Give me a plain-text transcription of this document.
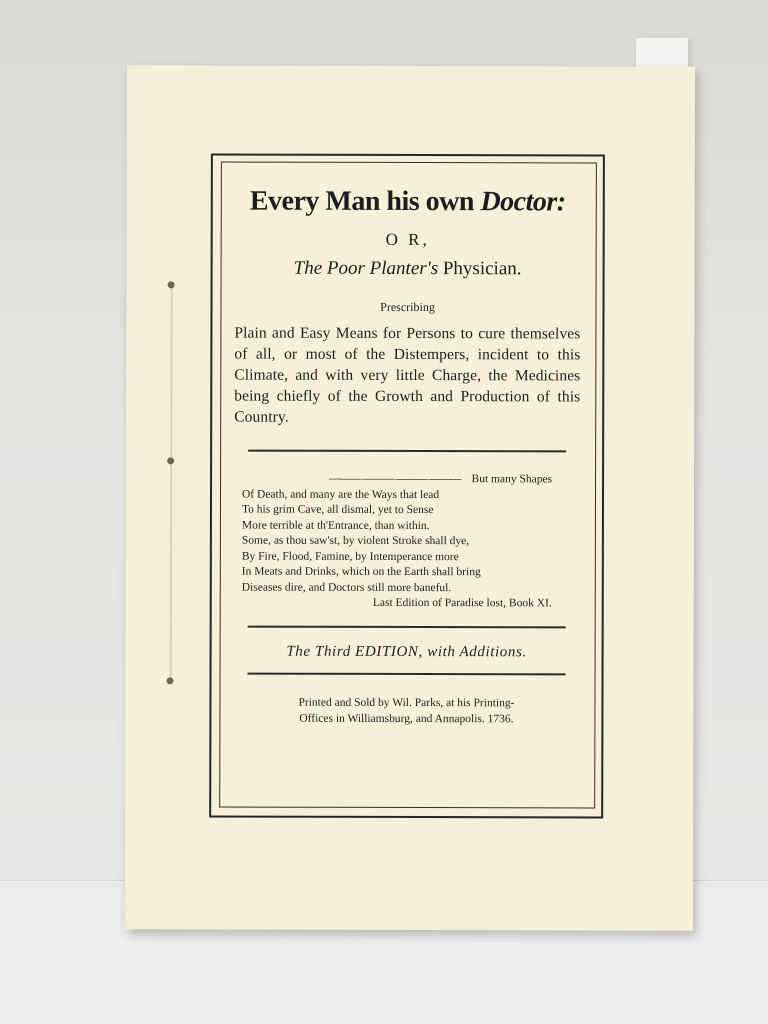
Every Man his own Doctor:
O R,
The Poor Planter's Physician.
Prescribing
Plain and Easy Means for Persons to cure themselves of all, or most of the Distempers, incident to this Climate, and with very little Charge, the Medicines being chiefly of the Growth and Production of this Country.
——— ——— ——— ——— But many Shapes
Of Death, and many are the Ways that lead
To his grim Cave, all dismal, yet to Sense
More terrible at th'Entrance, than within.
Some, as thou saw'st, by violent Stroke shall dye,
By Fire, Flood, Famine, by Intemperance more
In Meats and Drinks, which on the Earth shall bring
Diseases dire, and Doctors still more baneful.
Last Edition of Paradise lost, Book XI.
The Third EDITION, with Additions.
Printed and Sold by Wil. Parks, at his Printing-
Offices in Williamsburg, and Annapolis. 1736.
